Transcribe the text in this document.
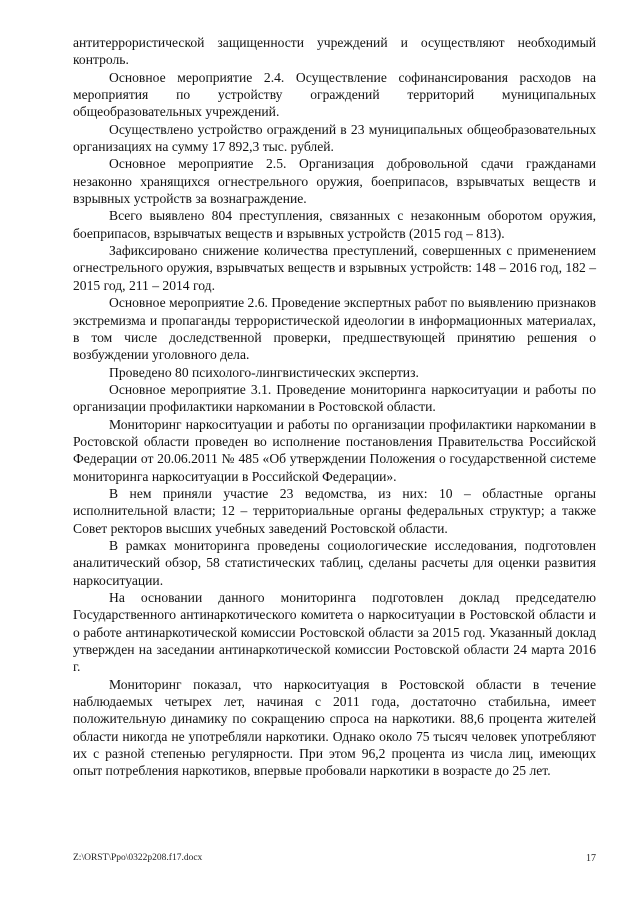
антитеррористической защищенности учреждений и осуществляют необходимый контроль.

Основное мероприятие 2.4. Осуществление софинансирования расходов на мероприятия по устройству ограждений территорий муниципальных общеобразовательных учреждений.

Осуществлено устройство ограждений в 23 муниципальных общеобразовательных организациях на сумму 17 892,3 тыс. рублей.

Основное мероприятие 2.5. Организация добровольной сдачи гражданами незаконно хранящихся огнестрельного оружия, боеприпасов, взрывчатых веществ и взрывных устройств за вознаграждение.

Всего выявлено 804 преступления, связанных с незаконным оборотом оружия, боеприпасов, взрывчатых веществ и взрывных устройств (2015 год – 813).

Зафиксировано снижение количества преступлений, совершенных с применением огнестрельного оружия, взрывчатых веществ и взрывных устройств: 148 – 2016 год, 182 – 2015 год, 211 – 2014 год.

Основное мероприятие 2.6. Проведение экспертных работ по выявлению признаков экстремизма и пропаганды террористической идеологии в информационных материалах, в том числе доследственной проверки, предшествующей принятию решения о возбуждении уголовного дела.

Проведено 80 психолого-лингвистических экспертиз.

Основное мероприятие 3.1. Проведение мониторинга наркоситуации и работы по организации профилактики наркомании в Ростовской области.

Мониторинг наркоситуации и работы по организации профилактики наркомании в Ростовской области проведен во исполнение постановления Правительства Российской Федерации от 20.06.2011 № 485 «Об утверждении Положения о государственной системе мониторинга наркоситуации в Российской Федерации».

В нем приняли участие 23 ведомства, из них: 10 – областные органы исполнительной власти; 12 – территориальные органы федеральных структур; а также Совет ректоров высших учебных заведений Ростовской области.

В рамках мониторинга проведены социологические исследования, подготовлен аналитический обзор, 58 статистических таблиц, сделаны расчеты для оценки развития наркоситуации.

На основании данного мониторинга подготовлен доклад председателю Государственного антинаркотического комитета о наркоситуации в Ростовской области и о работе антинаркотической комиссии Ростовской области за 2015 год. Указанный доклад утвержден на заседании антинаркотической комиссии Ростовской области 24 марта 2016 г.

Мониторинг показал, что наркоситуация в Ростовской области в течение наблюдаемых четырех лет, начиная с 2011 года, достаточно стабильна, имеет положительную динамику по сокращению спроса на наркотики. 88,6 процента жителей области никогда не употребляли наркотики. Однако около 75 тысяч человек употребляют их с разной степенью регулярности. При этом 96,2 процента из числа лиц, имеющих опыт потребления наркотиков, впервые пробовали наркотики в возрасте до 25 лет.

Z:\ORST\Ppo\0322p208.f17.docx	17
